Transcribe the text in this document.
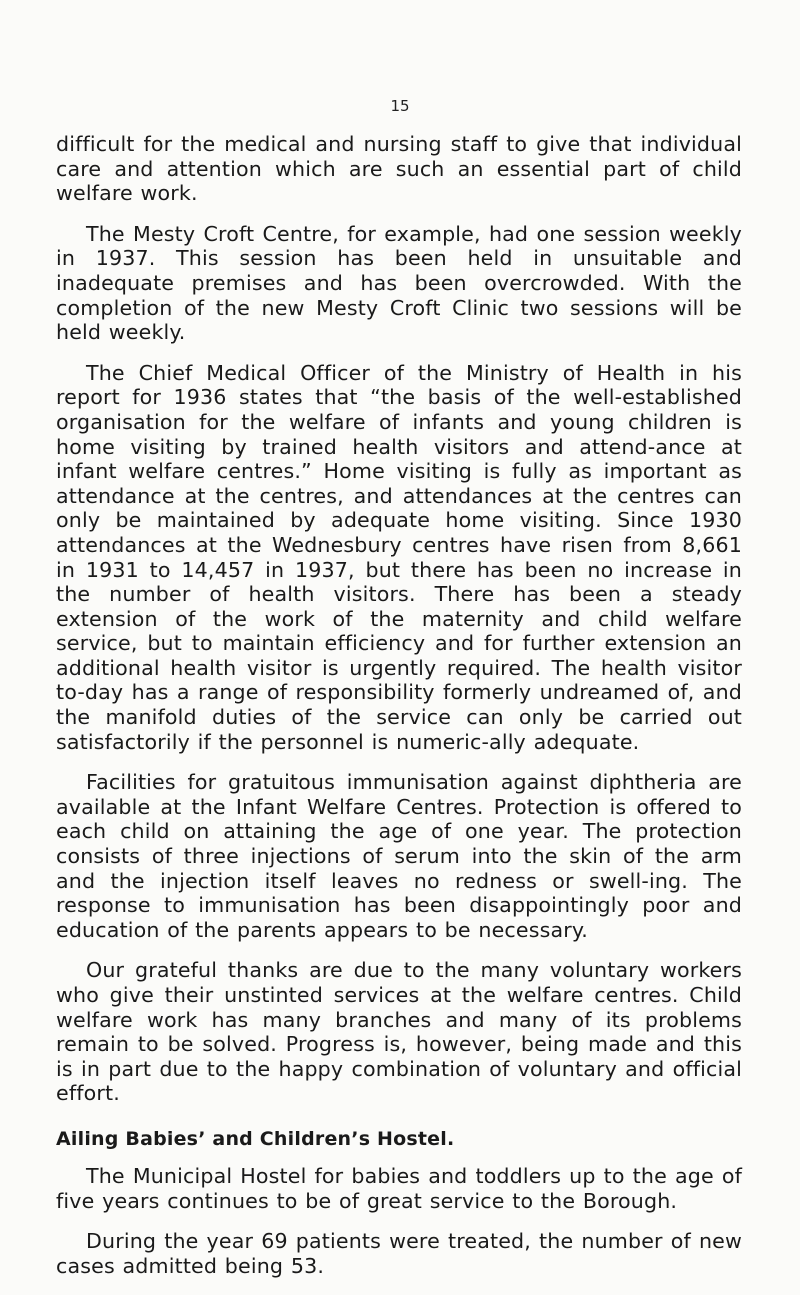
15

difficult for the medical and nursing staff to give that individual care and attention which are such an essential part of child welfare work.

The Mesty Croft Centre, for example, had one session weekly in 1937. This session has been held in unsuitable and inadequate premises and has been overcrowded. With the completion of the new Mesty Croft Clinic two sessions will be held weekly.

The Chief Medical Officer of the Ministry of Health in his report for 1936 states that “the basis of the well-established organisation for the welfare of infants and young children is home visiting by trained health visitors and attend-ance at infant welfare centres.” Home visiting is fully as important as attendance at the centres, and attendances at the centres can only be maintained by adequate home visiting. Since 1930 attendances at the Wednesbury centres have risen from 8,661 in 1931 to 14,457 in 1937, but there has been no increase in the number of health visitors. There has been a steady extension of the work of the maternity and child welfare service, but to maintain efficiency and for further extension an additional health visitor is urgently required. The health visitor to-day has a range of responsibility formerly undreamed of, and the manifold duties of the service can only be carried out satisfactorily if the personnel is numeric-ally adequate.

Facilities for gratuitous immunisation against diphtheria are available at the Infant Welfare Centres. Protection is offered to each child on attaining the age of one year. The protection consists of three injections of serum into the skin of the arm and the injection itself leaves no redness or swell-ing. The response to immunisation has been disappointingly poor and education of the parents appears to be necessary.

Our grateful thanks are due to the many voluntary workers who give their unstinted services at the welfare centres. Child welfare work has many branches and many of its problems remain to be solved. Progress is, however, being made and this is in part due to the happy combination of voluntary and official effort.

Ailing Babies’ and Children’s Hostel.

The Municipal Hostel for babies and toddlers up to the age of five years continues to be of great service to the Borough.

During the year 69 patients were treated, the number of new cases admitted being 53.
